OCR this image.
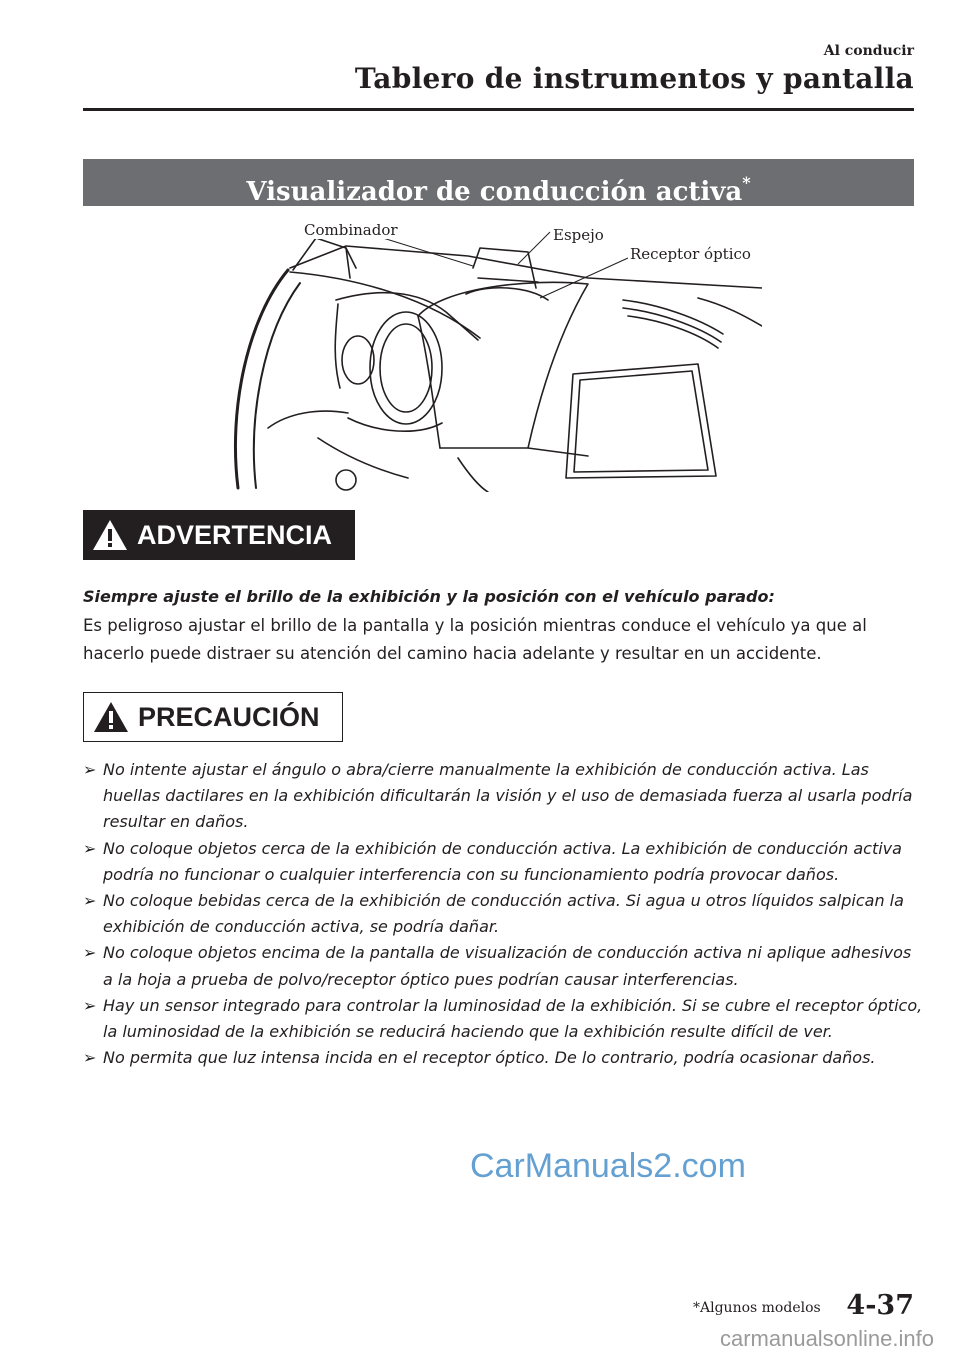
Al conducir
Tablero de instrumentos y pantalla
Visualizador de conducción activa*
Combinador	Espejo
Receptor óptico
ADVERTENCIA
Siempre ajuste el brillo de la exhibición y la posición con el vehículo parado:
Es peligroso ajustar el brillo de la pantalla y la posición mientras conduce el vehículo ya que al hacerlo puede distraer su atención del camino hacia adelante y resultar en un accidente.
PRECAUCIÓN
➢ No intente ajustar el ángulo o abra/cierre manualmente la exhibición de conducción activa. Las huellas dactilares en la exhibición dificultarán la visión y el uso de demasiada fuerza al usarla podría resultar en daños.
➢ No coloque objetos cerca de la exhibición de conducción activa. La exhibición de conducción activa podría no funcionar o cualquier interferencia con su funcionamiento podría provocar daños.
➢ No coloque bebidas cerca de la exhibición de conducción activa. Si agua u otros líquidos salpican la exhibición de conducción activa, se podría dañar.
➢ No coloque objetos encima de la pantalla de visualización de conducción activa ni aplique adhesivos a la hoja a prueba de polvo/receptor óptico pues podrían causar interferencias.
➢ Hay un sensor integrado para controlar la luminosidad de la exhibición. Si se cubre el receptor óptico, la luminosidad de la exhibición se reducirá haciendo que la exhibición resulte difícil de ver.
➢ No permita que luz intensa incida en el receptor óptico. De lo contrario, podría ocasionar daños.
CarManuals2.com
*Algunos modelos 4-37
carmanualsonline.info
